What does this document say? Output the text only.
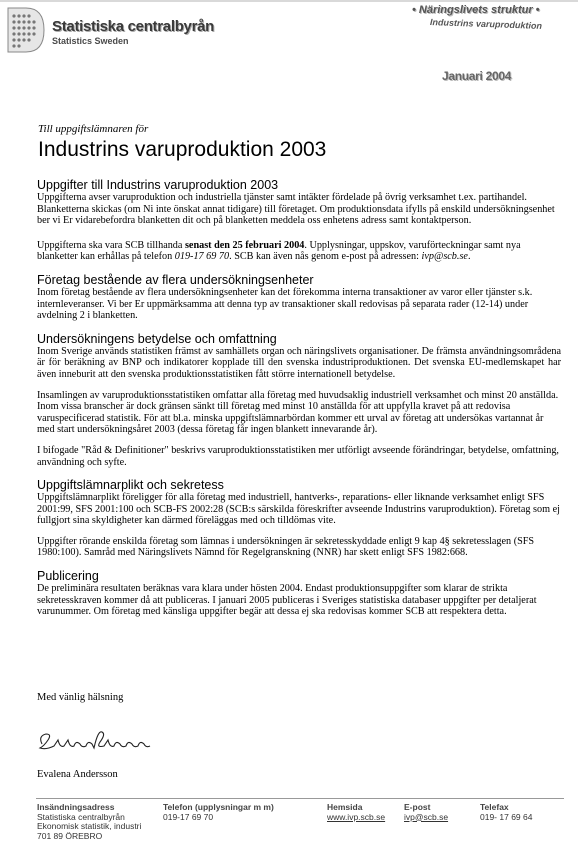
Statistiska centralbyrån
Statistics Sweden
• Näringslivets struktur •
Industrins varuproduktion
Januari 2004
Till uppgiftslämnaren för
Industrins varuproduktion 2003
Uppgifter till Industrins varuproduktion 2003

Uppgifterna avser varuproduktion och industriella tjänster samt intäkter fördelade på övrig verksamhet t.ex. partihandel. Blanketterna skickas (om Ni inte önskat annat tidigare) till företaget. Om produktionsdata ifylls på enskild undersökningsenhet ber vi Er vidarebefordra blanketten dit och på blanketten meddela oss enhetens adress samt kontaktperson.

Uppgifterna ska vara SCB tillhanda senast den 25 februari 2004. Upplysningar, uppskov, varuförteckningar samt nya blanketter kan erhållas på telefon 019-17 69 70. SCB kan även nås genom e-post på adressen: ivp@scb.se.

Företag bestående av flera undersökningsenheter

Inom företag bestående av flera undersökningsenheter kan det förekomma interna transaktioner av varor eller tjänster s.k. internleveranser. Vi ber Er uppmärksamma att denna typ av transaktioner skall redovisas på separata rader (12-14) under avdelning 2 i blanketten.

Undersökningens betydelse och omfattning

Inom Sverige används statistiken främst av samhällets organ och näringslivets organisationer. De främsta användningsområdena är för beräkning av BNP och indikatorer kopplade till den svenska industriproduktionen. Det svenska EU-medlemskapet har även inneburit att den svenska produktionsstatistiken fått större internationell betydelse.

Insamlingen av varuproduktionsstatistiken omfattar alla företag med huvudsaklig industriell verksamhet och minst 20 anställda. Inom vissa branscher är dock gränsen sänkt till företag med minst 10 anställda för att uppfylla kravet på att redovisa varuspecificerad statistik. För att bl.a. minska uppgiftslämnarbördan kommer ett urval av företag att undersökas vartannat år med start undersökningsåret 2003 (dessa företag får ingen blankett innevarande år).

I bifogade "Råd & Definitioner" beskrivs varuproduktionsstatistiken mer utförligt avseende förändringar, betydelse, omfattning, användning och syfte.

Uppgiftslämnarplikt och sekretess

Uppgiftslämnarplikt föreligger för alla företag med industriell, hantverks-, reparations- eller liknande verksamhet enligt SFS 2001:99, SFS 2001:100 och SCB-FS 2002:28 (SCB:s särskilda föreskrifter avseende Industrins varuproduktion). Företag som ej fullgjort sina skyldigheter kan därmed föreläggas med och tilldömas vite.

Uppgifter rörande enskilda företag som lämnas i undersökningen är sekretesskyddade enligt 9 kap 4§ sekretesslagen (SFS 1980:100). Samråd med Näringslivets Nämnd för Regelgranskning (NNR) har skett enligt SFS 1982:668.

Publicering

De preliminära resultaten beräknas vara klara under hösten 2004. Endast produktionsuppgifter som klarar de strikta sekretesskraven kommer då att publiceras. I januari 2005 publiceras i Sveriges statistiska databaser uppgifter per detaljerat varunummer. Om företag med känsliga uppgifter begär att dessa ej ska redovisas kommer SCB att respektera detta.

Med vänlig hälsning
Evalena Andersson
Insändningsadress
Statistiska centralbyrån
Ekonomisk statistik, industri
701 89 ÖREBRO
Telefon (upplysningar m m)
019-17 69 70
Hemsida
www.ivp.scb.se
E-post
ivp@scb.se
Telefax
019- 17 69 64
